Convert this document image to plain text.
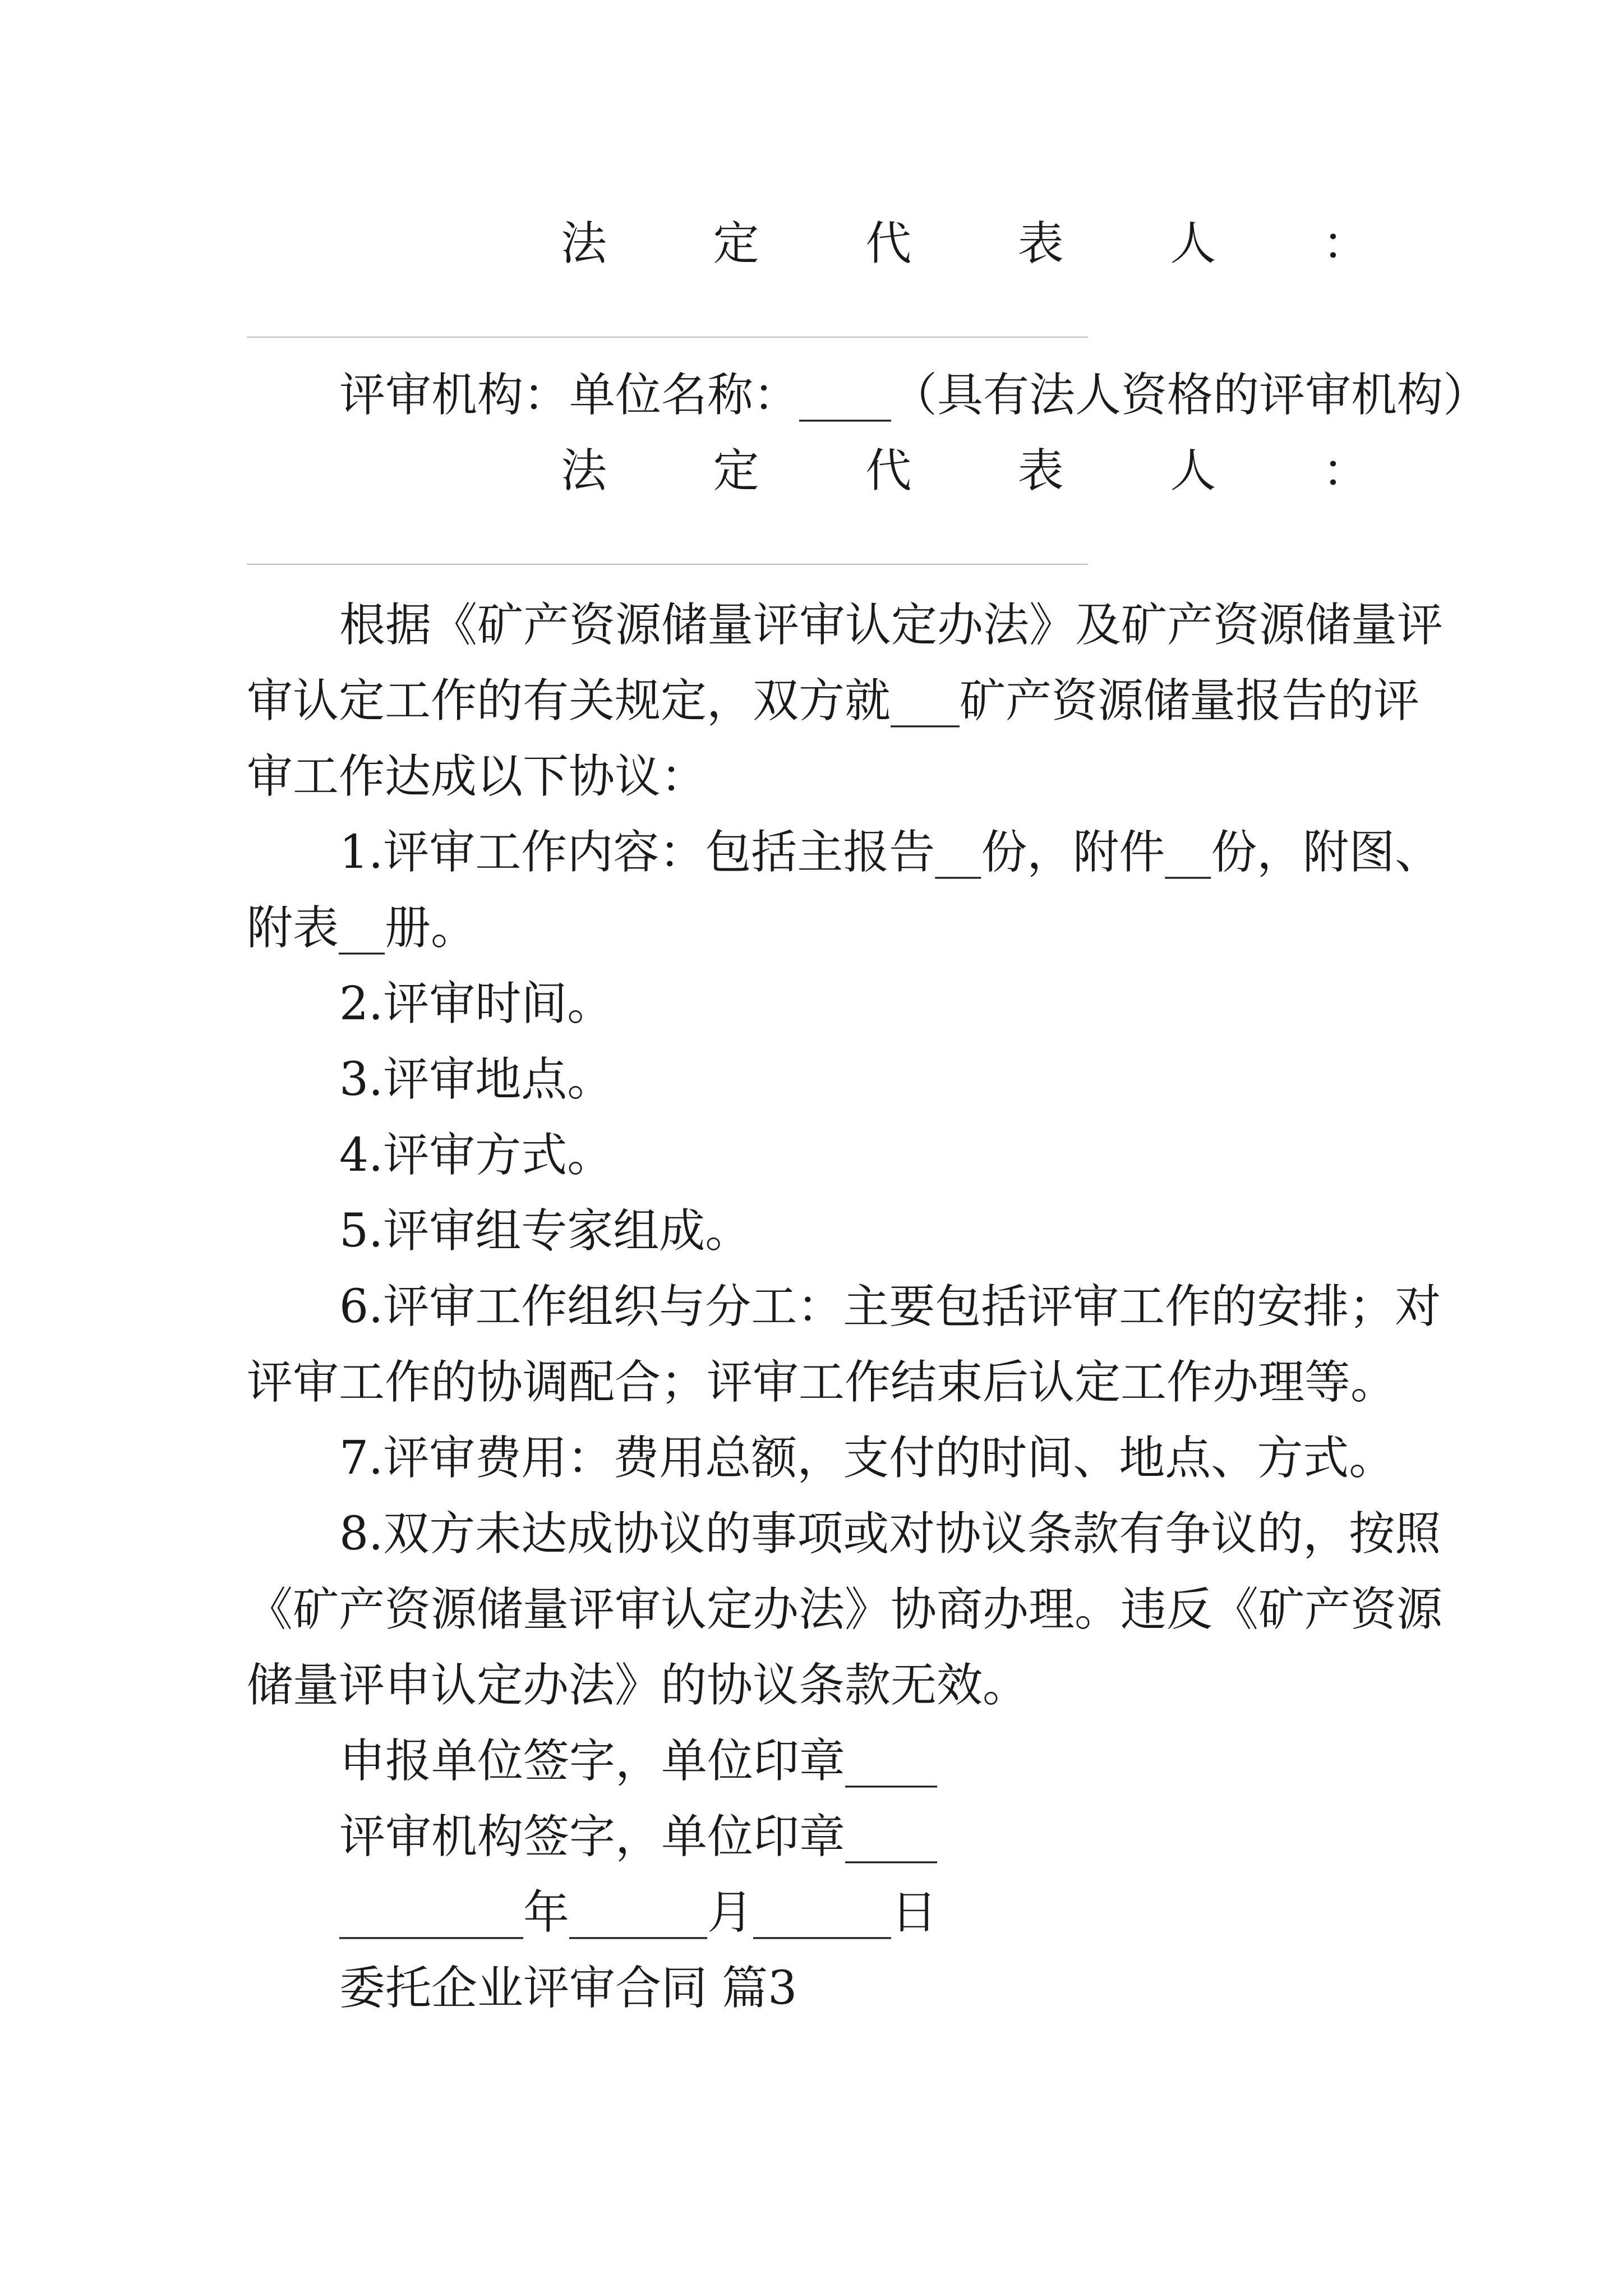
法 定 代 表 人 ：
评审机构：单位名称：____（具有法人资格的评审机构）
法 定 代 表 人 ：
根据《矿产资源储量评审认定办法》及矿产资源储量评
审认定工作的有关规定，双方就___矿产资源储量报告的评
审工作达成以下协议：
1.评审工作内容：包括主报告__份，附件__份，附图、
附表__册。
2.评审时间。
3.评审地点。
4.评审方式。
5.评审组专家组成。
6.评审工作组织与分工：主要包括评审工作的安排；对
评审工作的协调配合；评审工作结束后认定工作办理等。
7.评审费用：费用总额，支付的时间、地点、方式。
8.双方未达成协议的事项或对协议条款有争议的，按照
《矿产资源储量评审认定办法》协商办理。违反《矿产资源
储量评申认定办法》的协议条款无效。
申报单位签字，单位印章____
评审机构签字，单位印章____
________年______月______日
委托企业评审合同 篇3
